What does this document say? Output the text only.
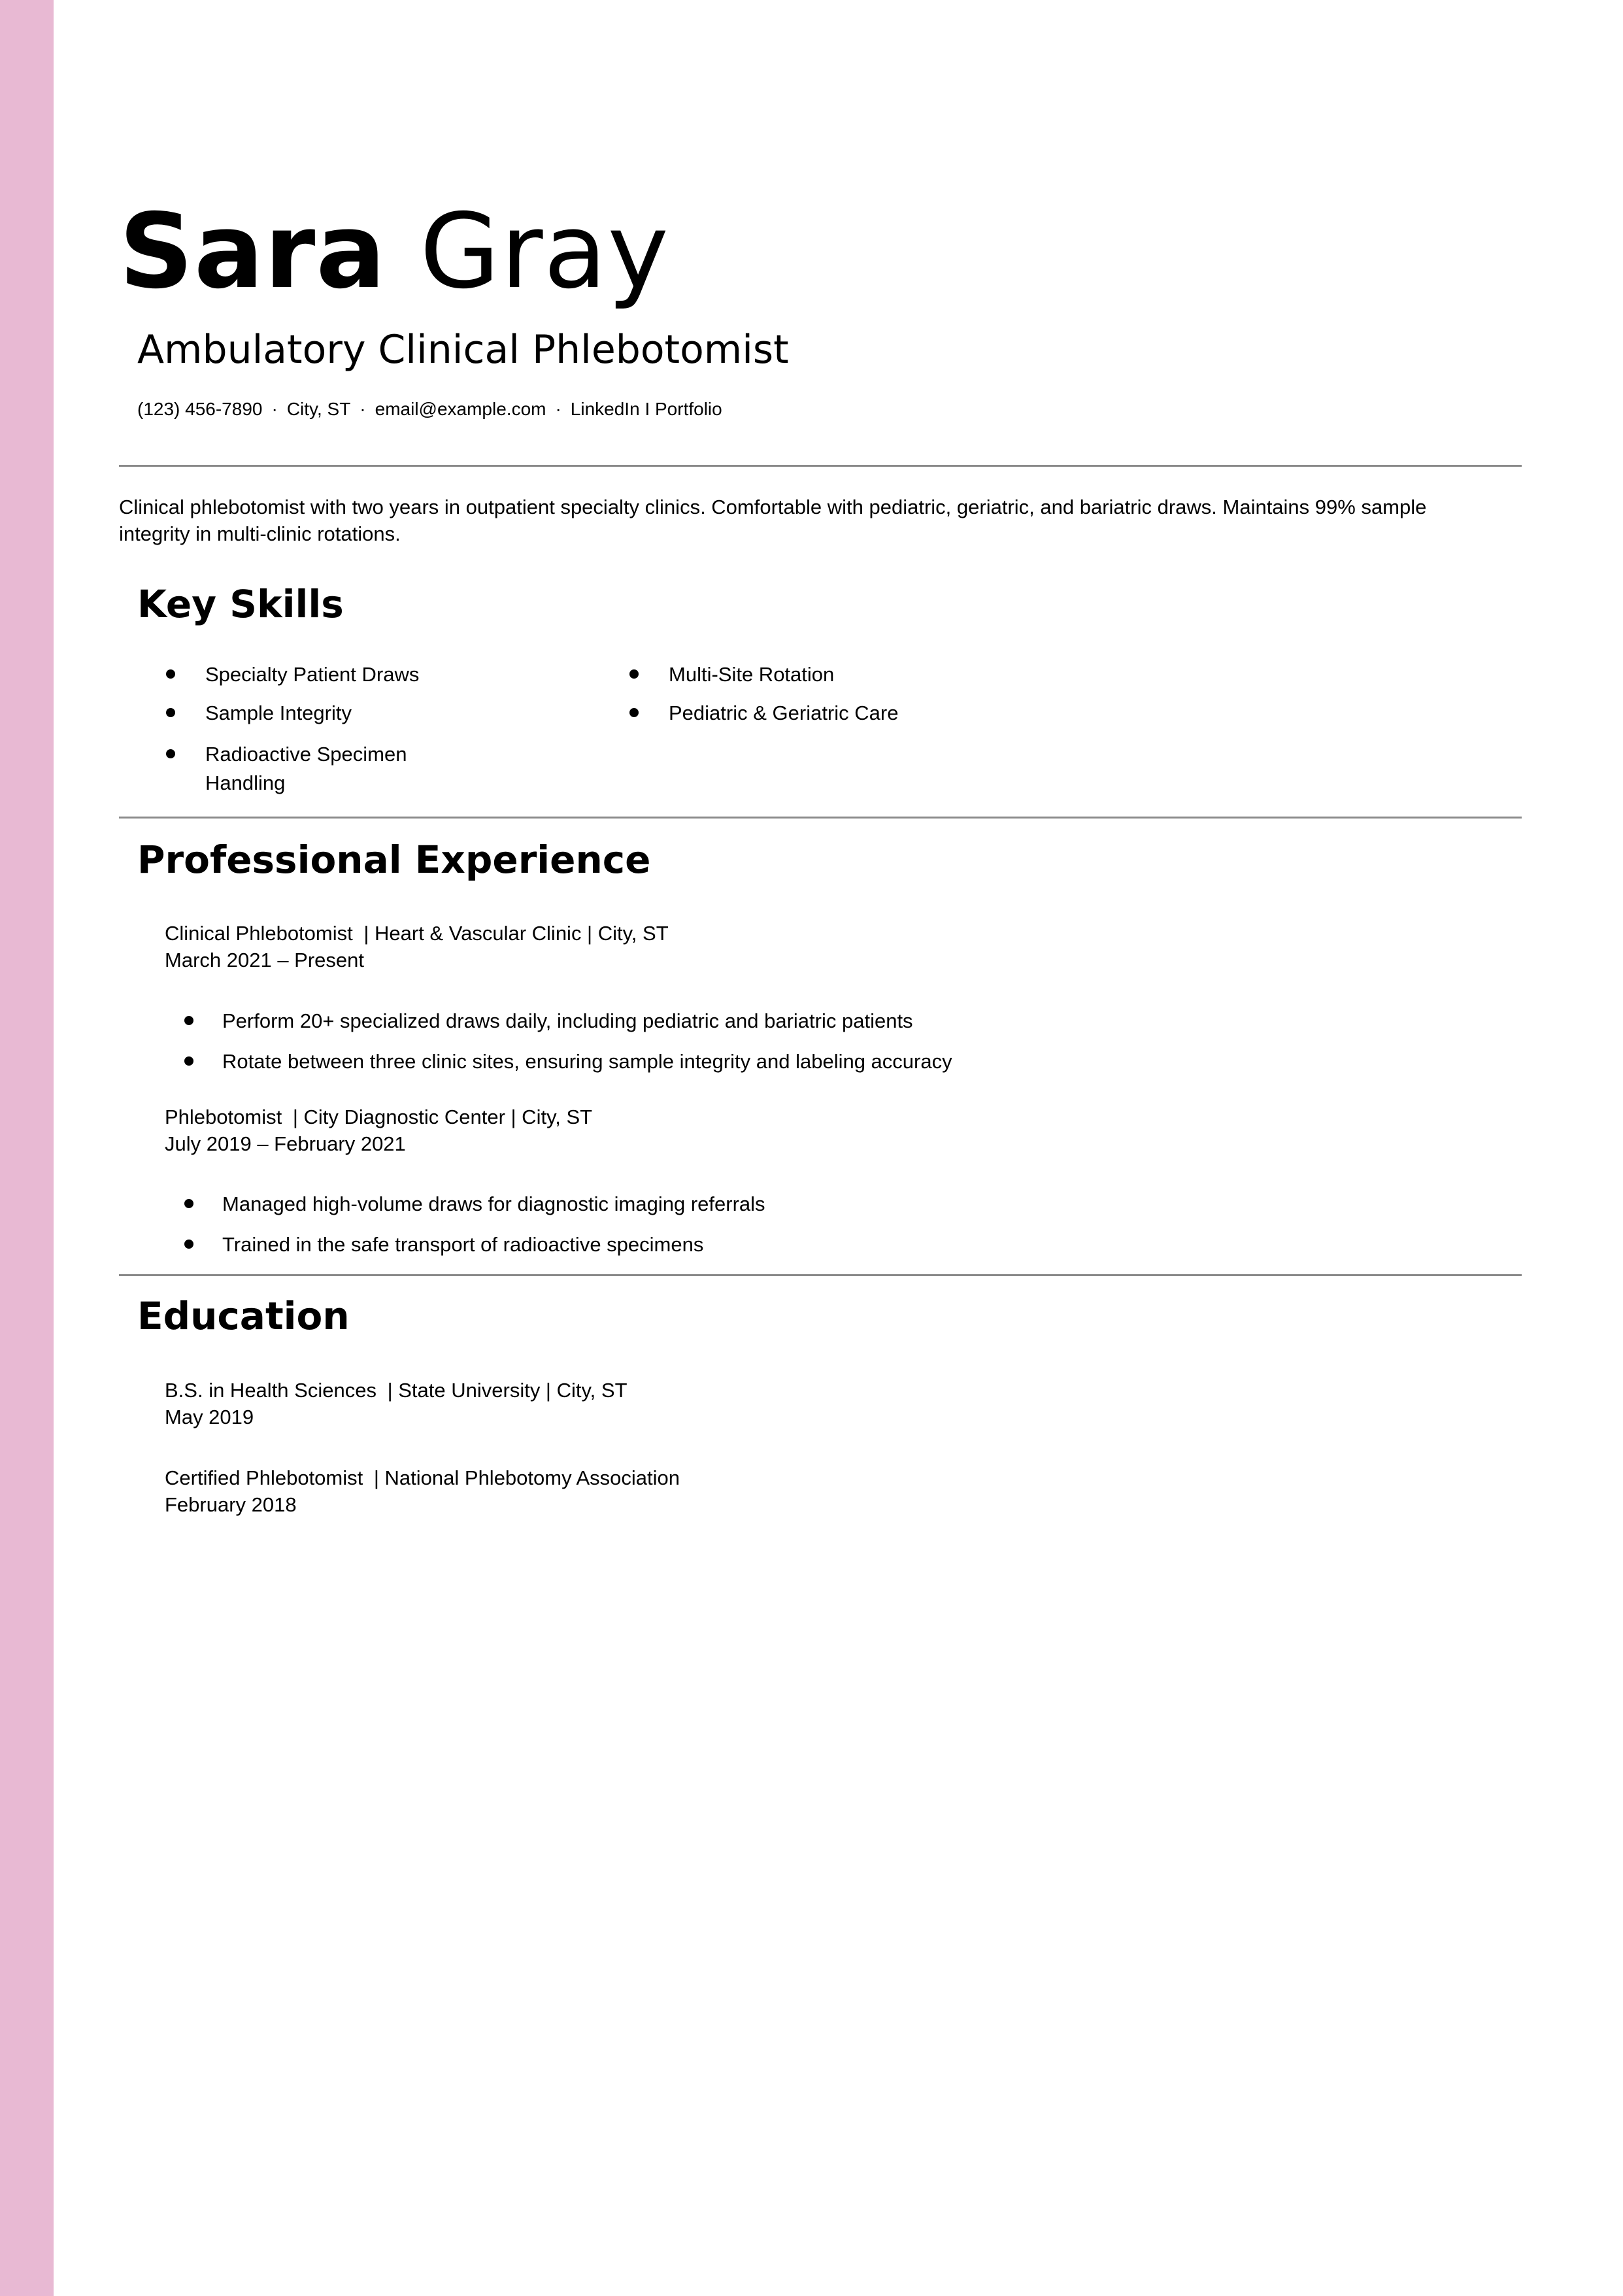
Sara Gray
Ambulatory Clinical Phlebotomist
(123) 456-7890 · City, ST · email@example.com · LinkedIn I Portfolio
Clinical phlebotomist with two years in outpatient specialty clinics. Comfortable with pediatric, geriatric, and bariatric draws. Maintains 99% sample integrity in multi-clinic rotations.
Key Skills
Specialty Patient Draws
Sample Integrity
Radioactive Specimen Handling
Multi-Site Rotation
Pediatric & Geriatric Care
Professional Experience
Clinical Phlebotomist | Heart & Vascular Clinic | City, ST
March 2021 – Present
Perform 20+ specialized draws daily, including pediatric and bariatric patients
Rotate between three clinic sites, ensuring sample integrity and labeling accuracy
Phlebotomist | City Diagnostic Center | City, ST
July 2019 – February 2021
Managed high-volume draws for diagnostic imaging referrals
Trained in the safe transport of radioactive specimens
Education
B.S. in Health Sciences | State University | City, ST
May 2019
Certified Phlebotomist | National Phlebotomy Association
February 2018
